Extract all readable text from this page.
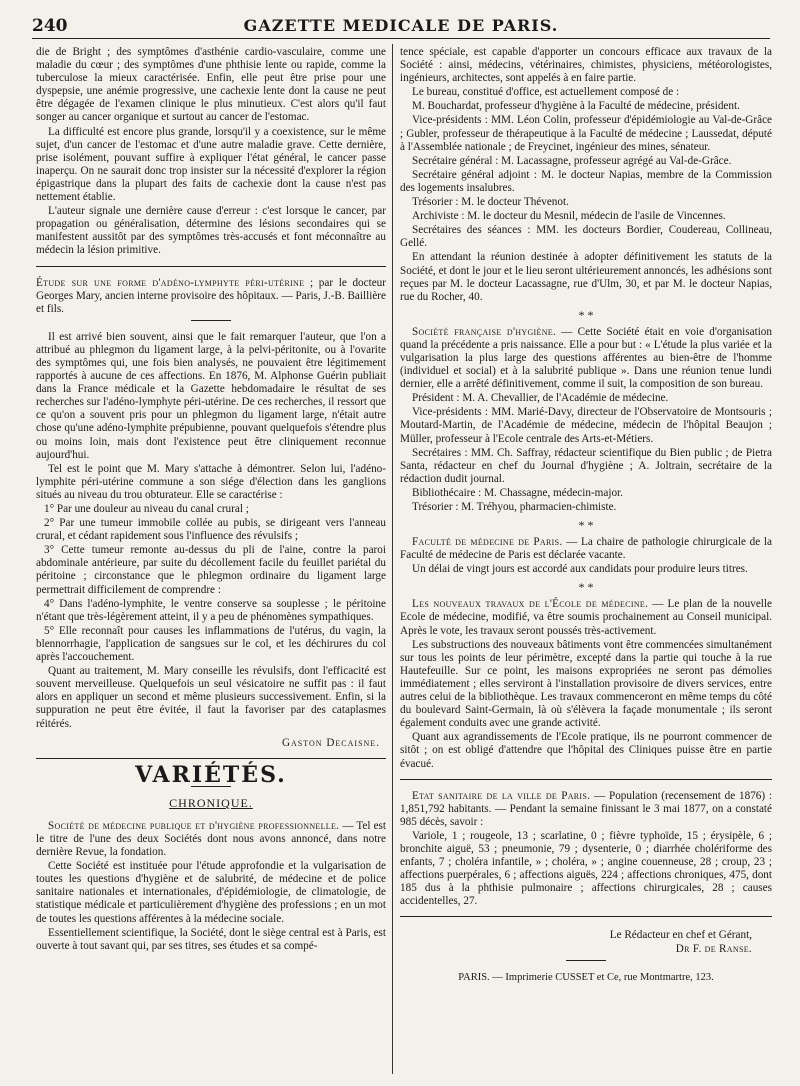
240	GAZETTE MEDICALE DE PARIS.

die de Bright ; des symptômes d'asthénie cardio-vasculaire, comme une maladie du cœur ; des symptômes d'une phthisie lente ou rapide, comme la tuberculose la mieux caractérisée. Enfin, elle peut être prise pour une dyspepsie, une anémie progressive, une cachexie lente dont la cause ne peut être dégagée de l'examen clinique le plus minutieux. C'est alors qu'il faut songer au cancer organique et surtout au cancer de l'estomac.

La difficulté est encore plus grande, lorsqu'il y a coexistence, sur le même sujet, d'un cancer de l'estomac et d'une autre maladie grave. Cette dernière, prise isolément, pouvant suffire à expliquer l'état général, le cancer passe inaperçu. On ne saurait donc trop insister sur la nécessité d'explorer la région épigastrique dans la plupart des faits de cachexie dont la cause n'est pas nettement établie.

L'auteur signale une dernière cause d'erreur : c'est lorsque le cancer, par propagation ou généralisation, détermine des lésions secondaires qui se manifestent aussitôt par des symptômes très-accusés et font méconnaître au médecin la lésion primitive.

Étude sur une forme d'adéno-lymphyte péri-utérine ; par le docteur Georges Mary, ancien interne provisoire des hôpitaux. — Paris, J.-B. Baillière et fils.

Il est arrivé bien souvent, ainsi que le fait remarquer l'auteur, que l'on a attribué au phlegmon du ligament large, à la pelvi-péritonite, ou à l'ovarite des symptômes qui, une fois bien analysés, ne pouvaient être légitimement rapportés à aucune de ces affections. En 1876, M. Alphonse Guérin publiait dans la France médicale et la Gazette hebdomadaire le résultat de ses recherches sur l'adéno-lymphyte péri-utérine. De ces recherches, il ressort que ce qu'on a souvent pris pour un phlegmon du ligament large, n'était autre chose qu'une adéno-lymphite prépubienne, pouvant quelquefois s'étendre plus ou moins loin, mais dont l'existence peut être cliniquement reconnue aujourd'hui.

Tel est le point que M. Mary s'attache à démontrer. Selon lui, l'adéno-lymphite péri-utérine commune a son siége d'élection dans les ganglions situés au niveau du trou obturateur. Elle se caractérise :

1° Par une douleur au niveau du canal crural ;

2° Par une tumeur immobile collée au pubis, se dirigeant vers l'anneau crural, et cédant rapidement sous l'influence des révulsifs ;

3° Cette tumeur remonte au-dessus du pli de l'aine, contre la paroi abdominale antérieure, par suite du décollement facile du feuillet pariétal du péritoine ; circonstance que le phlegmon ordinaire du ligament large permettrait difficilement de comprendre :

4° Dans l'adéno-lymphite, le ventre conserve sa souplesse ; le péritoine n'étant que très-légèrement atteint, il y a peu de phénomènes sympathiques.

5° Elle reconnaît pour causes les inflammations de l'utérus, du vagin, la blennorrhagie, l'application de sangsues sur le col, et les déchirures du col après l'accouchement.

Quant au traitement, M. Mary conseille les révulsifs, dont l'efficacité est souvent merveilleuse. Quelquefois un seul vésicatoire ne suffit pas : il faut alors en appliquer un second et même plusieurs successivement. Enfin, si la suppuration ne peut être évitée, il faut la favoriser par des cataplasmes réitérés.

Gaston Decaisne.
VARIÉTÉS.
CHRONIQUE.

Société de médecine publique et d'hygiène professionnelle. — Tel est le titre de l'une des deux Sociétés dont nous avons annoncé, dans notre dernière Revue, la fondation.

Cette Société est instituée pour l'étude approfondie et la vulgarisation de toutes les questions d'hygiène et de salubrité, de médecine et de police sanitaire nationales et internationales, d'épidémiologie, de climatologie, de statistique médicale et particulièrement d'hygiène des professions ; en un mot de toutes les questions afférentes à la médecine sociale.

Essentiellement scientifique, la Société, dont le siège central est à Paris, est ouverte à tout savant qui, par ses titres, ses études et sa compé-

tence spéciale, est capable d'apporter un concours efficace aux travaux de la Société : ainsi, médecins, vétérinaires, chimistes, physiciens, météorologistes, ingénieurs, architectes, sont appelés à en faire partie.

Le bureau, constitué d'office, est actuellement composé de :

M. Bouchardat, professeur d'hygiène à la Faculté de médecine, président.

Vice-présidents : MM. Léon Colin, professeur d'épidémiologie au Val-de-Grâce ; Gubler, professeur de thérapeutique à la Faculté de médecine ; Laussedat, député à l'Assemblée nationale ; de Freycinet, ingénieur des mines, sénateur.

Secrétaire général : M. Lacassagne, professeur agrégé au Val-de-Grâce.

Secrétaire général adjoint : M. le docteur Napias, membre de la Commission des logements insalubres.

Trésorier : M. le docteur Thévenot.

Archiviste : M. le docteur du Mesnil, médecin de l'asile de Vincennes.

Secrétaires des séances : MM. les docteurs Bordier, Coudereau, Collineau, Gellé.

En attendant la réunion destinée à adopter définitivement les statuts de la Société, et dont le jour et le lieu seront ultérieurement annoncés, les adhésions sont reçues par M. le docteur Lacassagne, rue d'Ulm, 30, et par M. le docteur Napias, rue du Rocher, 40.

* *

Société française d'hygiène. — Cette Société était en voie d'organisation quand la précédente a pris naissance. Elle a pour but : « L'étude la plus variée et la vulgarisation la plus large des questions afférentes au bien-être de l'homme (individuel et social) et à la salubrité publique ». Dans une réunion tenue lundi dernier, elle a arrêté définitivement, comme il suit, la composition de son bureau.

Président : M. A. Chevallier, de l'Académie de médecine.

Vice-présidents : MM. Marié-Davy, directeur de l'Observatoire de Montsouris ; Moutard-Martin, de l'Académie de médecine, médecin de l'hôpital Beaujon ; Müller, professeur à l'Ecole centrale des Arts-et-Métiers.

Secrétaires : MM. Ch. Saffray, rédacteur scientifique du Bien public ; de Pietra Santa, rédacteur en chef du Journal d'hygiène ; A. Joltrain, secrétaire de la rédaction dudit journal.

Bibliothécaire : M. Chassagne, médecin-major.

Trésorier : M. Tréhyou, pharmacien-chimiste.

* *

Faculté de médecine de Paris. — La chaire de pathologie chirurgicale de la Faculté de médecine de Paris est déclarée vacante.

Un délai de vingt jours est accordé aux candidats pour produire leurs titres.

* *

Les nouveaux travaux de l'École de médecine. — Le plan de la nouvelle Ecole de médecine, modifié, va être soumis prochainement au Conseil municipal. Après le vote, les travaux seront poussés très-activement.

Les substructions des nouveaux bâtiments vont être commencées simultanément sur tous les points de leur périmètre, excepté dans la partie qui touche à la rue Hautefeuille. Sur ce point, les maisons expropriées ne seront pas démolies immédiatement ; elles serviront à l'installation provisoire de divers services, entre autres celui de la bibliothèque. Les travaux commenceront en même temps du côté du boulevard Saint-Germain, là où s'élèvera la façade monumentale ; ils seront également conduits avec une grande activité.

Quant aux agrandissements de l'Ecole pratique, ils ne pourront commencer de sitôt ; on est obligé d'attendre que l'hôpital des Cliniques puisse être en partie évacué.

Etat sanitaire de la ville de Paris. — Population (recensement de 1876) : 1,851,792 habitants. — Pendant la semaine finissant le 3 mai 1877, on a constaté 985 décès, savoir :

Variole, 1 ; rougeole, 13 ; scarlatine, 0 ; fièvre typhoïde, 15 ; érysipèle, 6 ; bronchite aiguë, 53 ; pneumonie, 79 ; dysenterie, 0 ; diarrhée cholériforme des enfants, 7 ; choléra infantile, » ; choléra, » ; angine couenneuse, 28 ; croup, 23 ; affections puerpérales, 6 ; affections aiguës, 224 ; affections chroniques, 475, dont 185 dus à la phthisie pulmonaire ; affections chirurgicales, 28 ; causes accidentelles, 27.

Le Rédacteur en chef et Gérant,
Dr F. de Ranse.
PARIS. — Imprimerie CUSSET et Ce, rue Montmartre, 123.
